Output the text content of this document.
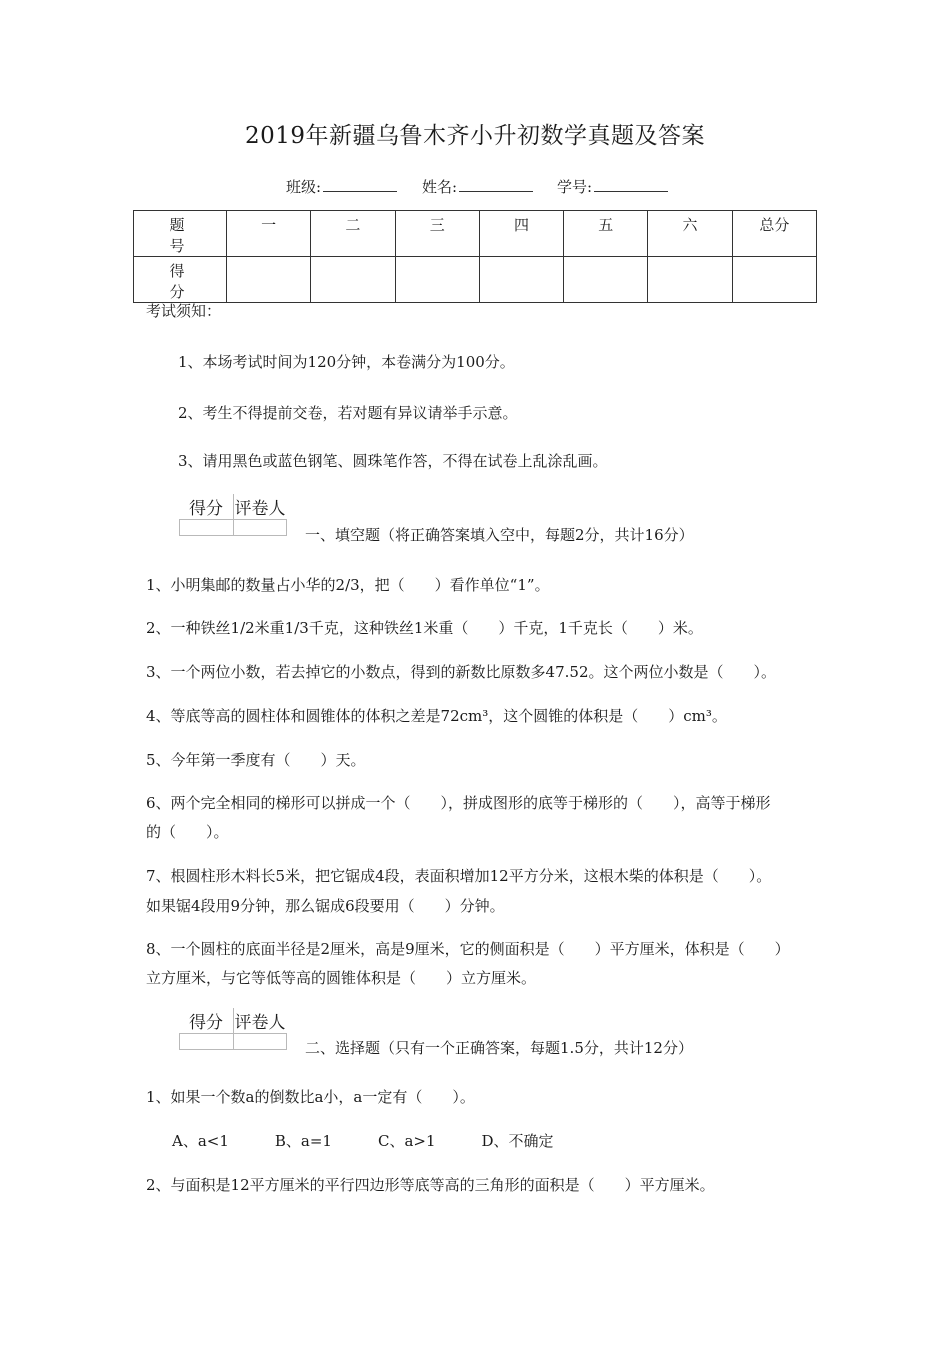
2019年新疆乌鲁木齐小升初数学真题及答案
班级:	姓名:	学号:
题　号	一	二	三	四	五	六	总分
得　分							
考试须知：
1、本场考试时间为120分钟，本卷满分为100分。
2、考生不得提前交卷，若对题有异议请举手示意。
3、请用黑色或蓝色钢笔、圆珠笔作答，不得在试卷上乱涂乱画。
得分	评卷人

一、填空题（将正确答案填入空中，每题2分，共计16分）
1、小明集邮的数量占小华的2/3，把（　　）看作单位“1”。
2、一种铁丝1/2米重1/3千克，这种铁丝1米重（　　）千克，1千克长（　　）米。
3、一个两位小数，若去掉它的小数点，得到的新数比原数多47.52。这个两位小数是（　　）。
4、等底等高的圆柱体和圆锥体的体积之差是72cm³，这个圆锥的体积是（　　）cm³。
5、今年第一季度有（　　）天。
6、两个完全相同的梯形可以拼成一个（　　），拼成图形的底等于梯形的（　　），高等于梯形
的（　　）。
7、根圆柱形木料长5米，把它锯成4段，表面积增加12平方分米，这根木柴的体积是（　　）。
如果锯4段用9分钟，那么锯成6段要用（　　）分钟。
8、一个圆柱的底面半径是2厘米，高是9厘米，它的侧面积是（　　）平方厘米，体积是（　　）
立方厘米，与它等低等高的圆锥体积是（　　）立方厘米。
得分	评卷人

二、选择题（只有一个正确答案，每题1.5分，共计12分）
1、如果一个数a的倒数比a小，a一定有（　　）。
A、a<1	B、a=1	C、a>1	D、不确定
2、与面积是12平方厘米的平行四边形等底等高的三角形的面积是（　　）平方厘米。
